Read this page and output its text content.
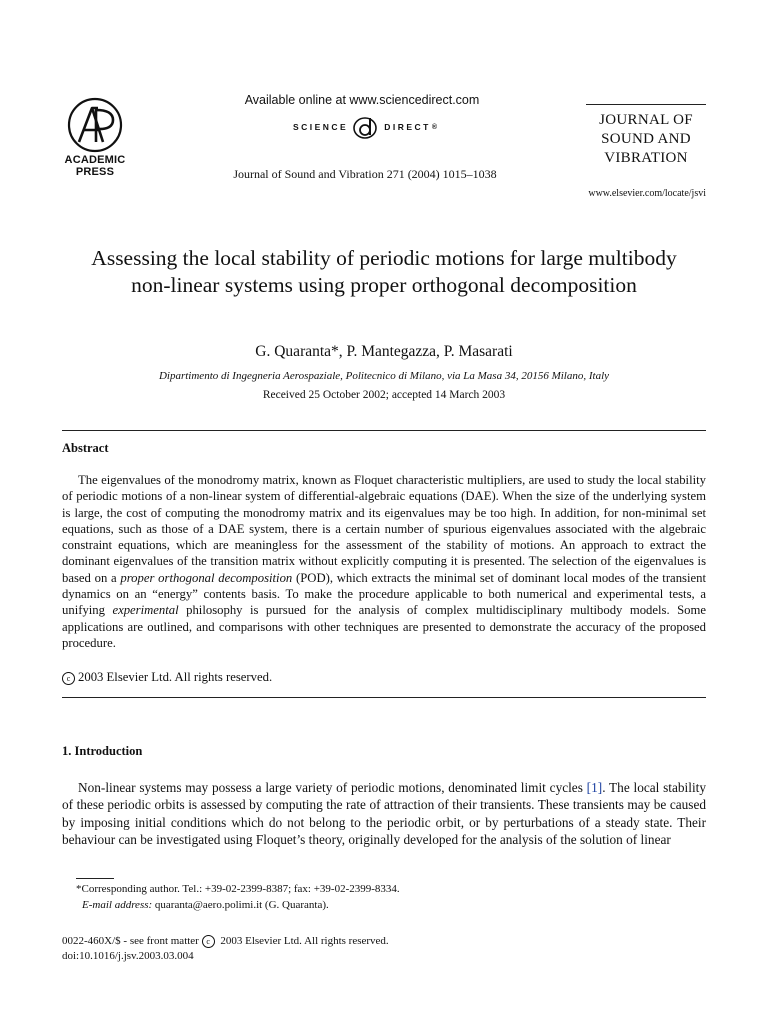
ACADEMIC
PRESS
Available online at www.sciencedirect.com
SCIENCE	DIRECT ®
Journal of Sound and Vibration 271 (2004) 1015–1038
JOURNAL OF
SOUND AND
VIBRATION
www.elsevier.com/locate/jsvi
Assessing the local stability of periodic motions for large multibody non-linear systems using proper orthogonal decomposition
G. Quaranta*, P. Mantegazza, P. Masarati
Dipartimento di Ingegneria Aerospaziale, Politecnico di Milano, via La Masa 34, 20156 Milano, Italy
Received 25 October 2002; accepted 14 March 2003
Abstract
The eigenvalues of the monodromy matrix, known as Floquet characteristic multipliers, are used to study the local stability of periodic motions of a non-linear system of differential-algebraic equations (DAE). When the size of the underlying system is large, the cost of computing the monodromy matrix and its eigenvalues may be too high. In addition, for non-minimal set equations, such as those of a DAE system, there is a certain number of spurious eigenvalues associated with the algebraic constraint equations, which are meaningless for the assessment of the stability of motions. An approach to extract the dominant eigenvalues of the transition matrix without explicitly computing it is presented. The selection of the eigenvalues is based on a proper orthogonal decomposition (POD), which extracts the minimal set of dominant local modes of the transient dynamics on an “energy” contents basis. To make the procedure applicable to both numerical and experimental tests, a unifying experimental philosophy is pursued for the analysis of complex multidisciplinary multibody models. Some applications are outlined, and comparisons with other techniques are presented to demonstrate the accuracy of the proposed procedure.
c 2003 Elsevier Ltd. All rights reserved.
1. Introduction
Non-linear systems may possess a large variety of periodic motions, denominated limit cycles [1]. The local stability of these periodic orbits is assessed by computing the rate of attraction of their transients. These transients may be caused by imposing initial conditions which do not belong to the periodic orbit, or by perturbations of a steady state. Their behaviour can be investigated using Floquet’s theory, originally developed for the analysis of the solution of linear
*Corresponding author. Tel.: +39-02-2399-8387; fax: +39-02-2399-8334.
E-mail address: quaranta@aero.polimi.it (G. Quaranta).
0022-460X/$ - see front matter c 2003 Elsevier Ltd. All rights reserved.
doi:10.1016/j.jsv.2003.03.004
